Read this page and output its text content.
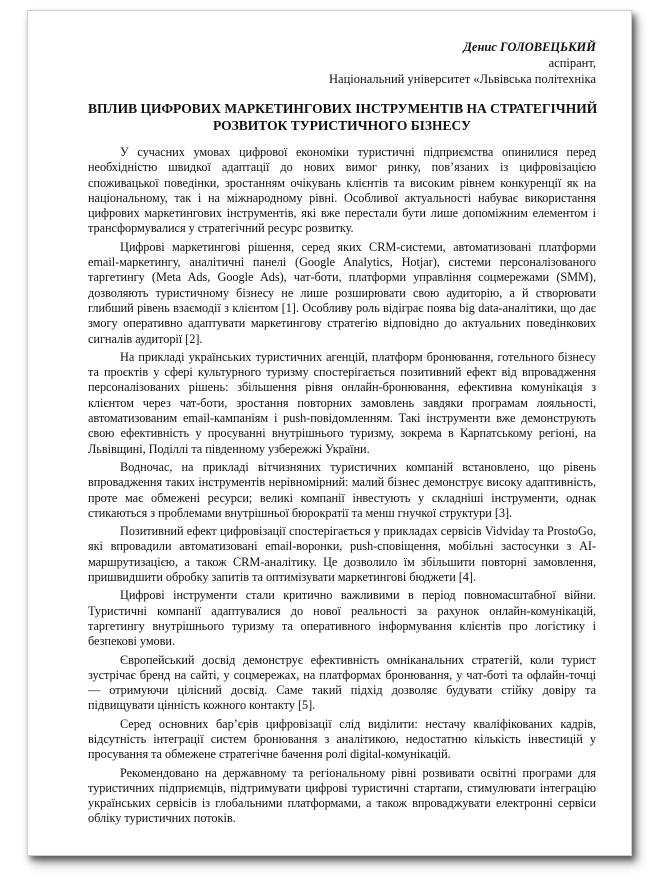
Денис ГОЛОВЕЦЬКИЙ
аспірант,
Національний університет «Львівська політехніка
ВПЛИВ ЦИФРОВИХ МАРКЕТИНГОВИХ ІНСТРУМЕНТІВ НА СТРАТЕГІЧНИЙ
РОЗВИТОК ТУРИСТИЧНОГО БІЗНЕСУ

У сучасних умовах цифрової економіки туристичні підприємства опинилися перед необхідністю швидкої адаптації до нових вимог ринку, пов’язаних із цифровізацією споживацької поведінки, зростанням очікувань клієнтів та високим рівнем конкуренції як на національному, так і на міжнародному рівні. Особливої актуальності набуває використання цифрових маркетингових інструментів, які вже перестали бути лише допоміжним елементом і трансформувалися у стратегічний ресурс розвитку.

Цифрові маркетингові рішення, серед яких CRM-системи, автоматизовані платформи email-маркетингу, аналітичні панелі (Google Analytics, Hotjar), системи персоналізованого таргетингу (Meta Ads, Google Ads), чат-боти, платформи управління соцмережами (SMM), дозволяють туристичному бізнесу не лише розширювати свою аудиторію, а й створювати глибший рівень взаємодії з клієнтом [1]. Особливу роль відіграє поява big data-аналітики, що дає змогу оперативно адаптувати маркетингову стратегію відповідно до актуальних поведінкових сигналів аудиторії [2].

На прикладі українських туристичних агенцій, платформ бронювання, готельного бізнесу та проєктів у сфері культурного туризму спостерігається позитивний ефект від впровадження персоналізованих рішень: збільшення рівня онлайн-бронювання, ефективна комунікація з клієнтом через чат-боти, зростання повторних замовлень завдяки програмам лояльності, автоматизованим email-кампаніям і push-повідомленням. Такі інструменти вже демонструють свою ефективність у просуванні внутрішнього туризму, зокрема в Карпатському регіоні, на Львівщині, Поділлі та південному узбережжі України.

Водночас, на прикладі вітчизняних туристичних компаній встановлено, що рівень впровадження таких інструментів нерівномірний: малий бізнес демонструє високу адаптивність, проте має обмежені ресурси; великі компанії інвестують у складніші інструменти, однак стикаються з проблемами внутрішньої бюрократії та менш гнучкої структури [3].

Позитивний ефект цифровізації спостерігається у прикладах сервісів Vidviday та ProstoGo, які впровадили автоматизовані email-воронки, push-сповіщення, мобільні застосунки з AI-маршрутизацією, а також CRM-аналітику. Це дозволило їм збільшити повторні замовлення, пришвидшити обробку запитів та оптимізувати маркетингові бюджети [4].

Цифрові інструменти стали критично важливими в період повномасштабної війни. Туристичні компанії адаптувалися до нової реальності за рахунок онлайн-комунікацій, таргетингу внутрішнього туризму та оперативного інформування клієнтів про логістику і безпекові умови.

Європейський досвід демонструє ефективність омніканальних стратегій, коли турист зустрічає бренд на сайті, у соцмережах, на платформах бронювання, у чат-боті та офлайн-точці — отримуючи цілісний досвід. Саме такий підхід дозволяє будувати стійку довіру та підвищувати цінність кожного контакту [5].

Серед основних бар’єрів цифровізації слід виділити: нестачу кваліфікованих кадрів, відсутність інтеграції систем бронювання з аналітикою, недостатню кількість інвестицій у просування та обмежене стратегічне бачення ролі digital-комунікацій.

Рекомендовано на державному та регіональному рівні розвивати освітні програми для туристичних підприємців, підтримувати цифрові туристичні стартапи, стимулювати інтеграцію українських сервісів із глобальними платформами, а також впроваджувати електронні сервіси обліку туристичних потоків.
